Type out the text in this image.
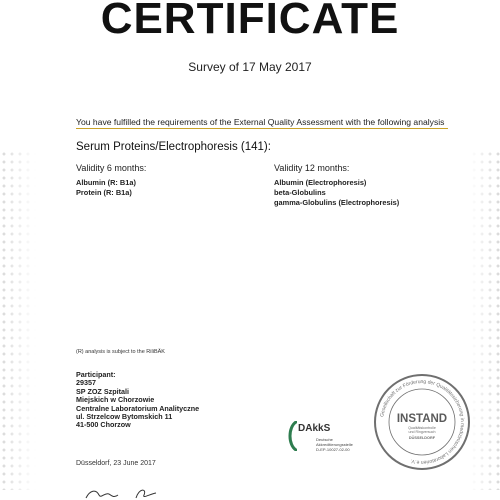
CERTIFICATE
Survey of 17 May 2017
You have fulfilled the requirements of the External Quality Assessment with the following analysis
Serum Proteins/Electrophoresis (141):
Validity 6 months:
Albumin (R: B1a)
Protein (R: B1a)
Validity 12 months:
Albumin (Electrophoresis)
beta-Globulins
gamma-Globulins (Electrophoresis)
(R) analysis is subject to the RiliBÄK
Participant:
29357
SP ZOZ Szpitali
Miejskich w Chorzowie
Centralne Laboratorium Analityczne
ul. Strzelcow Bytomskich 11
41-500 Chorzow
Düsseldorf, 23 June 2017
DAkkS
Deutsche
Akkreditierungsstelle
D-EP-10027-02-00
Gesellschaft zur Förderung der Qualitätssicherung in medizinischen Laboratorien e.V.
INSTAND
Qualitätskontrolle
und Ringversuch
DÜSSELDORF
